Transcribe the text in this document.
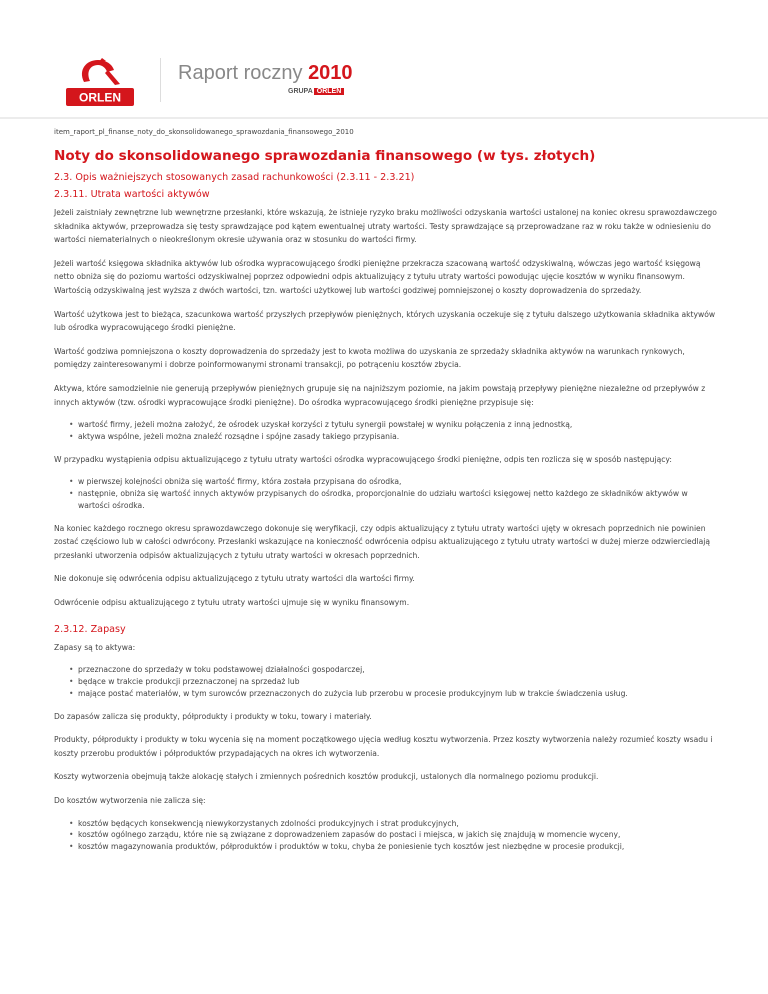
ORLEN
Raport roczny 2010
GRUPA ORLEN
item_raport_pl_finanse_noty_do_skonsolidowanego_sprawozdania_finansowego_2010
Noty do skonsolidowanego sprawozdania finansowego (w tys. złotych)
2.3. Opis ważniejszych stosowanych zasad rachunkowości (2.3.11 - 2.3.21)
2.3.11. Utrata wartości aktywów

Jeżeli zaistniały zewnętrzne lub wewnętrzne przesłanki, które wskazują, że istnieje ryzyko braku możliwości odzyskania wartości ustalonej na koniec okresu sprawozdawczego składnika aktywów, przeprowadza się testy sprawdzające pod kątem ewentualnej utraty wartości. Testy sprawdzające są przeprowadzane raz w roku także w odniesieniu do wartości niematerialnych o nieokreślonym okresie używania oraz w stosunku do wartości firmy.

Jeżeli wartość księgowa składnika aktywów lub ośrodka wypracowującego środki pieniężne przekracza szacowaną wartość odzyskiwalną, wówczas jego wartość księgową netto obniża się do poziomu wartości odzyskiwalnej poprzez odpowiedni odpis aktualizujący z tytułu utraty wartości powodując ujęcie kosztów w wyniku finansowym. Wartością odzyskiwalną jest wyższa z dwóch wartości, tzn. wartości użytkowej lub wartości godziwej pomniejszonej o koszty doprowadzenia do sprzedaży.

Wartość użytkowa jest to bieżąca, szacunkowa wartość przyszłych przepływów pieniężnych, których uzyskania oczekuje się z tytułu dalszego użytkowania składnika aktywów lub ośrodka wypracowującego środki pieniężne.

Wartość godziwa pomniejszona o koszty doprowadzenia do sprzedaży jest to kwota możliwa do uzyskania ze sprzedaży składnika aktywów na warunkach rynkowych, pomiędzy zainteresowanymi i dobrze poinformowanymi stronami transakcji, po potrąceniu kosztów zbycia.

Aktywa, które samodzielnie nie generują przepływów pieniężnych grupuje się na najniższym poziomie, na jakim powstają przepływy pieniężne niezależne od przepływów z innych aktywów (tzw. ośrodki wypracowujące środki pieniężne). Do ośrodka wypracowującego środki pieniężne przypisuje się:

• wartość firmy, jeżeli można założyć, że ośrodek uzyskał korzyści z tytułu synergii powstałej w wyniku połączenia z inną jednostką,
• aktywa wspólne, jeżeli można znaleźć rozsądne i spójne zasady takiego przypisania.

W przypadku wystąpienia odpisu aktualizującego z tytułu utraty wartości ośrodka wypracowującego środki pieniężne, odpis ten rozlicza się w sposób następujący:

• w pierwszej kolejności obniża się wartość firmy, która została przypisana do ośrodka,
• następnie, obniża się wartość innych aktywów przypisanych do ośrodka, proporcjonalnie do udziału wartości księgowej netto każdego ze składników aktywów w wartości ośrodka.

Na koniec każdego rocznego okresu sprawozdawczego dokonuje się weryfikacji, czy odpis aktualizujący z tytułu utraty wartości ujęty w okresach poprzednich nie powinien zostać częściowo lub w całości odwrócony. Przesłanki wskazujące na konieczność odwrócenia odpisu aktualizującego z tytułu utraty wartości w dużej mierze odzwierciedlają przesłanki utworzenia odpisów aktualizujących z tytułu utraty wartości w okresach poprzednich.

Nie dokonuje się odwrócenia odpisu aktualizującego z tytułu utraty wartości dla wartości firmy.

Odwrócenie odpisu aktualizującego z tytułu utraty wartości ujmuje się w wyniku finansowym.

2.3.12. Zapasy

Zapasy są to aktywa:

• przeznaczone do sprzedaży w toku podstawowej działalności gospodarczej,
• będące w trakcie produkcji przeznaczonej na sprzedaż lub
• mające postać materiałów, w tym surowców przeznaczonych do zużycia lub przerobu w procesie produkcyjnym lub w trakcie świadczenia usług.

Do zapasów zalicza się produkty, półprodukty i produkty w toku, towary i materiały.

Produkty, półprodukty i produkty w toku wycenia się na moment początkowego ujęcia według kosztu wytworzenia. Przez koszty wytworzenia należy rozumieć koszty wsadu i koszty przerobu produktów i półproduktów przypadających na okres ich wytworzenia.

Koszty wytworzenia obejmują także alokację stałych i zmiennych pośrednich kosztów produkcji, ustalonych dla normalnego poziomu produkcji.

Do kosztów wytworzenia nie zalicza się:

• kosztów będących konsekwencją niewykorzystanych zdolności produkcyjnych i strat produkcyjnych,
• kosztów ogólnego zarządu, które nie są związane z doprowadzeniem zapasów do postaci i miejsca, w jakich się znajdują w momencie wyceny,
• kosztów magazynowania produktów, półproduktów i produktów w toku, chyba że poniesienie tych kosztów jest niezbędne w procesie produkcji,
